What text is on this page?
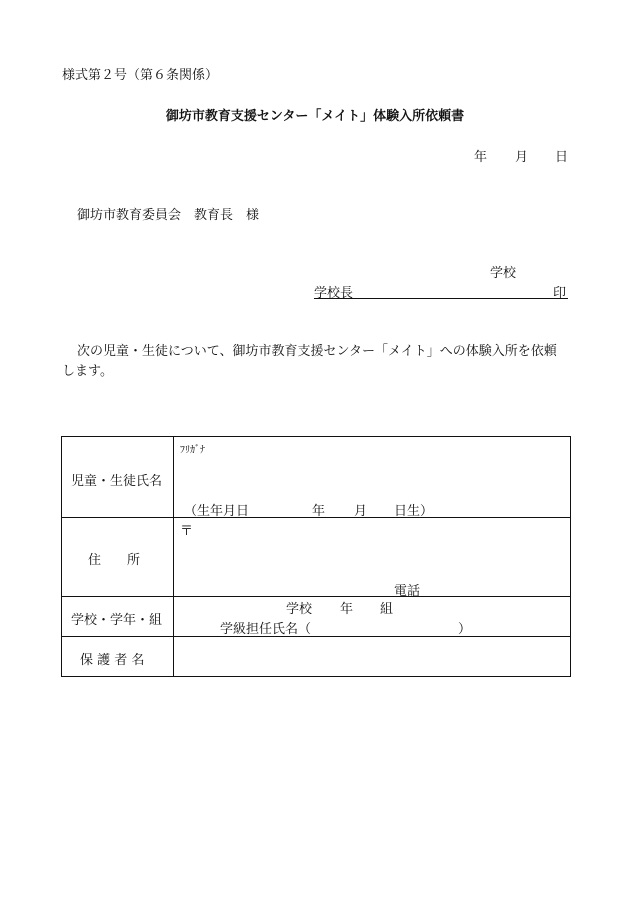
様式第２号（第６条関係）
御坊市教育支援センター「メイト」体験入所依頼書
年 月 日
御坊市教育委員会　教育長　様
学校
学校長	印
次の児童・生徒について、御坊市教育支援センター「メイト」への体験入所を依頼
します。
児童・生徒氏名	ﾌﾘｶﾞﾅ
（生年月日 年 月 日生）

住　　所	〒
電話

学校・学年・組	学校 年 組
学級担任氏名（ ）

保 護 者 名	
